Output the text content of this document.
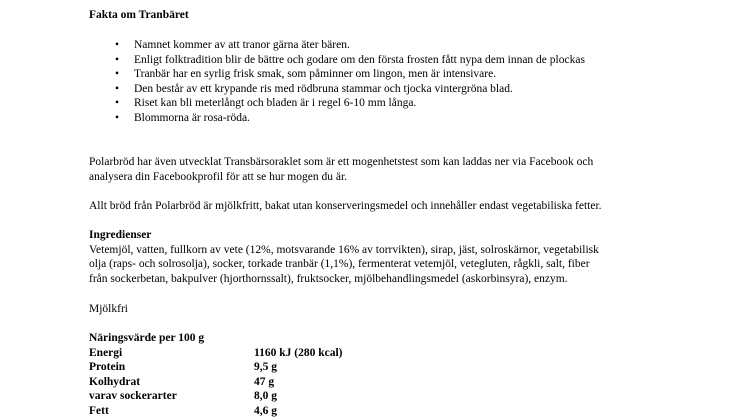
Fakta om Tranbäret

• Namnet kommer av att tranor gärna äter bären.
• Enligt folktradition blir de bättre och godare om den första frosten fått nypa dem innan de plockas
• Tranbär har en syrlig frisk smak, som påminner om lingon, men är intensivare.
• Den består av ett krypande ris med rödbruna stammar och tjocka vintergröna blad.
• Riset kan bli meterlångt och bladen är i regel 6-10 mm långa.
• Blommorna är rosa-röda.
Polarbröd har även utvecklat Transbärsoraklet som är ett mogenhetstest som kan laddas ner via Facebook och
analysera din Facebookprofil för att se hur mogen du är.
Allt bröd från Polarbröd är mjölkfritt, bakat utan konserveringsmedel och innehåller endast vegetabiliska fetter.
Ingredienser
Vetemjöl, vatten, fullkorn av vete (12%, motsvarande 16% av torrvikten), sirap, jäst, solroskärnor, vegetabilisk
olja (raps- och solrosolja), socker, torkade tranbär (1,1%), fermenterat vetemjöl, vetegluten, rågkli, salt, fiber
från sockerbetan, bakpulver (hjorthornssalt), fruktsocker, mjölbehandlingsmedel (askorbinsyra), enzym.
Mjölkfri
Näringsvärde per 100 g	
Energi	1160 kJ (280 kcal)
Protein	9,5 g
Kolhydrat	47 g
varav sockerarter	8,0 g
Fett	4,6 g
